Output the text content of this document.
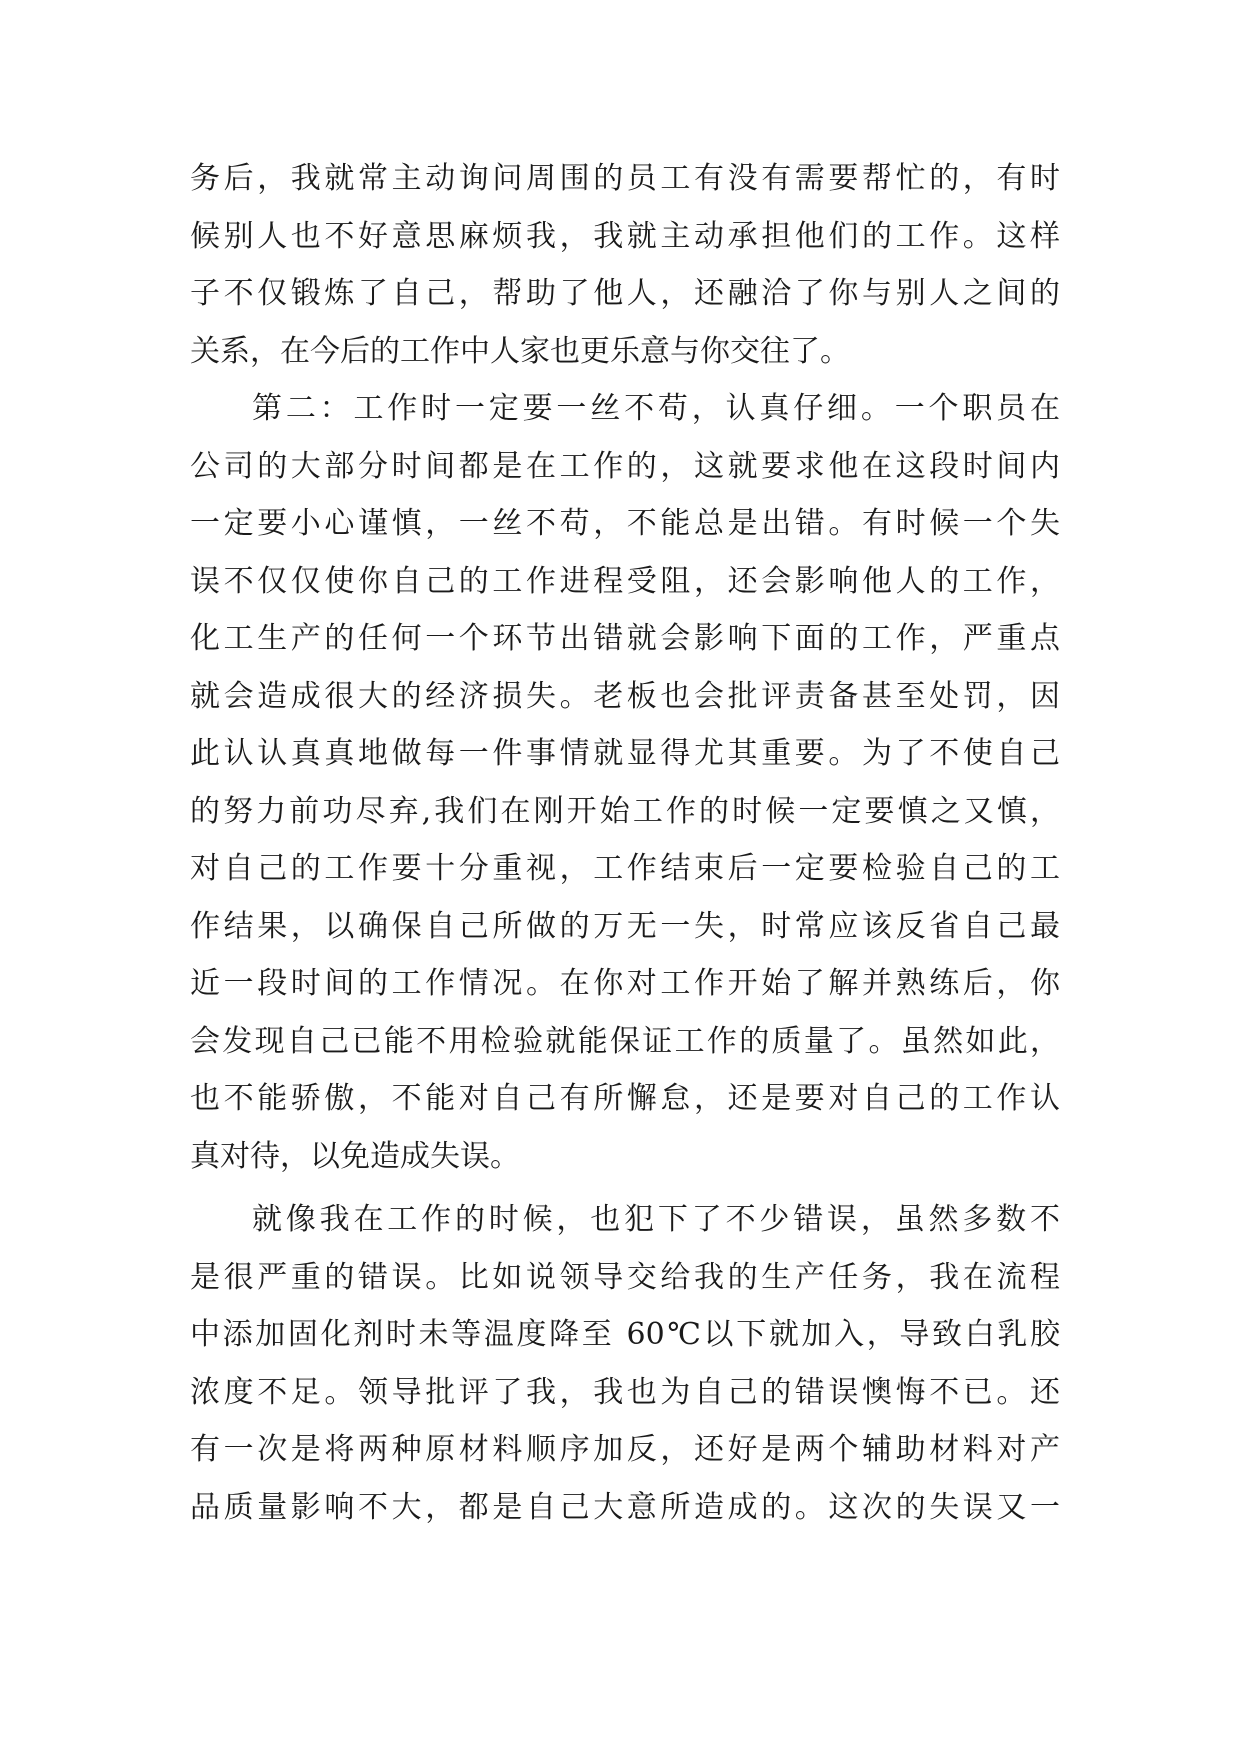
务后，我就常主动询问周围的员工有没有需要帮忙的，有时
候别人也不好意思麻烦我，我就主动承担他们的工作。这样
子不仅锻炼了自己，帮助了他人，还融洽了你与别人之间的
关系，在今后的工作中人家也更乐意与你交往了。
第二：工作时一定要一丝不苟，认真仔细。一个职员在
公司的大部分时间都是在工作的，这就要求他在这段时间内
一定要小心谨慎，一丝不苟，不能总是出错。有时候一个失
误不仅仅使你自己的工作进程受阻，还会影响他人的工作，
化工生产的任何一个环节出错就会影响下面的工作，严重点
就会造成很大的经济损失。老板也会批评责备甚至处罚，因
此认认真真地做每一件事情就显得尤其重要。为了不使自己
的努力前功尽弃,我们在刚开始工作的时候一定要慎之又慎，
对自己的工作要十分重视，工作结束后一定要检验自己的工
作结果，以确保自己所做的万无一失，时常应该反省自己最
近一段时间的工作情况。在你对工作开始了解并熟练后，你
会发现自己已能不用检验就能保证工作的质量了。虽然如此，
也不能骄傲，不能对自己有所懈怠，还是要对自己的工作认
真对待，以免造成失误。
就像我在工作的时候，也犯下了不少错误，虽然多数不
是很严重的错误。比如说领导交给我的生产任务，我在流程
中添加固化剂时未等温度降至 60℃以下就加入，导致白乳胶
浓度不足。领导批评了我，我也为自己的错误懊悔不已。还
有一次是将两种原材料顺序加反，还好是两个辅助材料对产
品质量影响不大，都是自己大意所造成的。这次的失误又一
